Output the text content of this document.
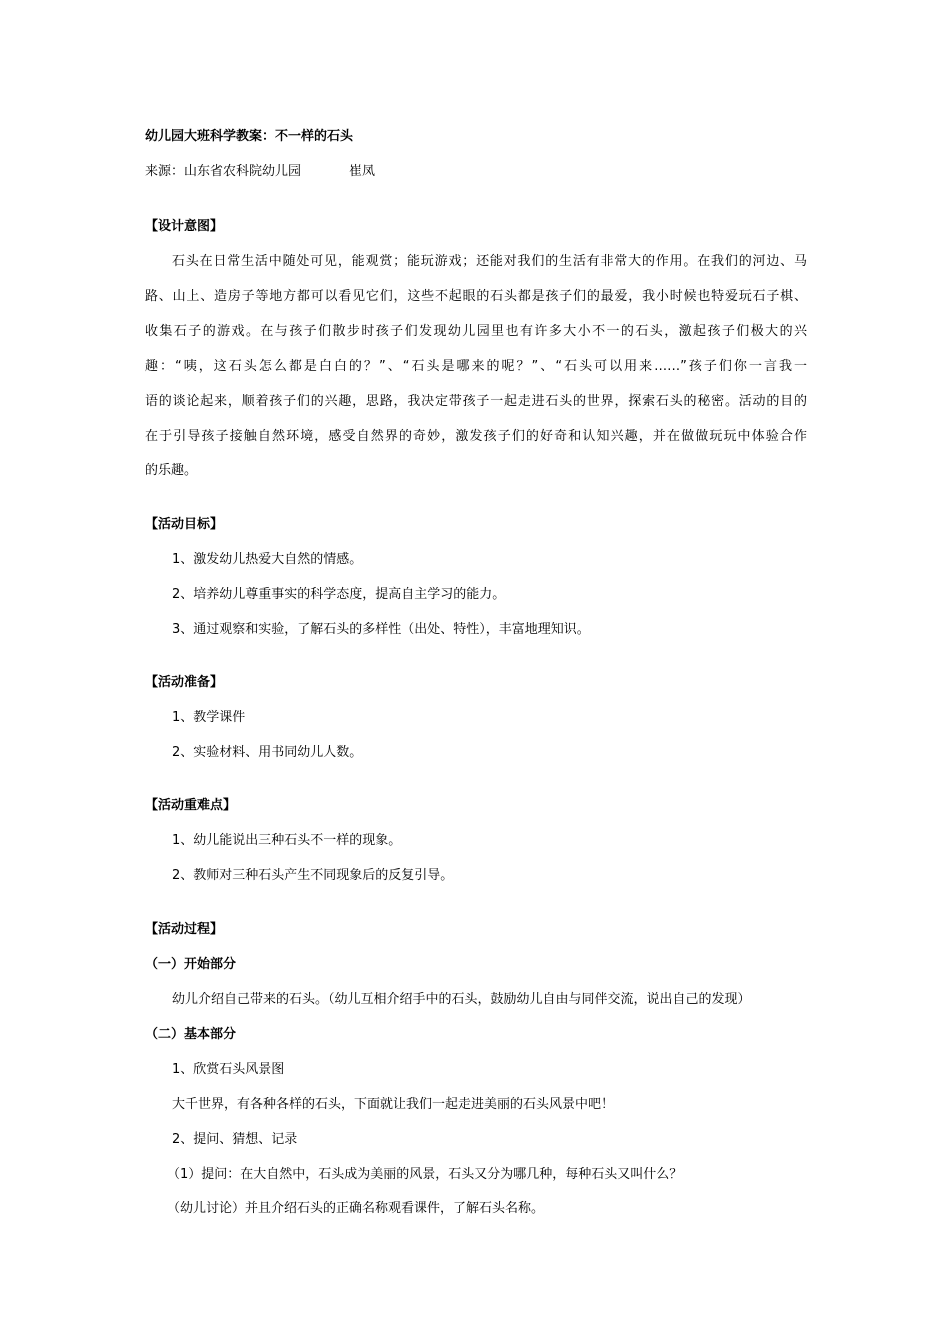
幼儿园大班科学教案：不一样的石头
来源：山东省农科院幼儿园	崔凤
【设计意图】
石头在日常生活中随处可见，能观赏；能玩游戏；还能对我们的生活有非常大的作用。在我们的河边、马
路、山上、造房子等地方都可以看见它们，这些不起眼的石头都是孩子们的最爱，我小时候也特爱玩石子棋、
收集石子的游戏。在与孩子们散步时孩子们发现幼儿园里也有许多大小不一的石头，激起孩子们极大的兴
趣：“咦，这石头怎么都是白白的？”、“石头是哪来的呢？”、“石头可以用来……”孩子们你一言我一
语的谈论起来，顺着孩子们的兴趣，思路，我决定带孩子一起走进石头的世界，探索石头的秘密。活动的目的
在于引导孩子接触自然环境，感受自然界的奇妙，激发孩子们的好奇和认知兴趣，并在做做玩玩中体验合作
的乐趣。
【活动目标】
1、激发幼儿热爱大自然的情感。
2、培养幼儿尊重事实的科学态度，提高自主学习的能力。
3、通过观察和实验，了解石头的多样性（出处、特性），丰富地理知识。
【活动准备】
1、教学课件
2、实验材料、用书同幼儿人数。
【活动重难点】
1、幼儿能说出三种石头不一样的现象。
2、教师对三种石头产生不同现象后的反复引导。
【活动过程】
（一）开始部分
幼儿介绍自己带来的石头。（幼儿互相介绍手中的石头，鼓励幼儿自由与同伴交流，说出自己的发现）
（二）基本部分
1、欣赏石头风景图
大千世界，有各种各样的石头，下面就让我们一起走进美丽的石头风景中吧！
2、提问、猜想、记录
（1）提问：在大自然中，石头成为美丽的风景，石头又分为哪几种，每种石头又叫什么？
（幼儿讨论）并且介绍石头的正确名称观看课件，了解石头名称。
